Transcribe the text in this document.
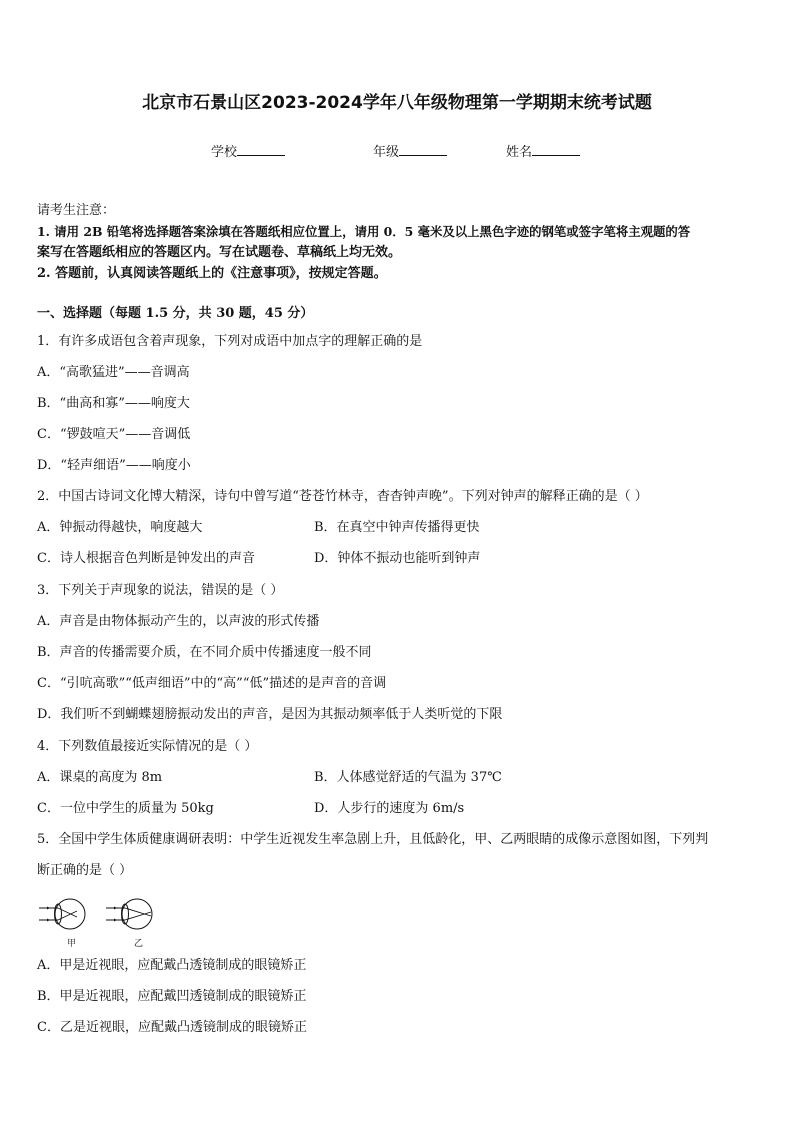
北京市石景山区2023-2024学年八年级物理第一学期期末统考试题
学校	年级	姓名
请考生注意：
1. 请用 2B 铅笔将选择题答案涂填在答题纸相应位置上，请用 0．5 毫米及以上黑色字迹的钢笔或签字笔将主观题的答
案写在答题纸相应的答题区内。写在试题卷、草稿纸上均无效。
2. 答题前，认真阅读答题纸上的《注意事项》，按规定答题。
一、选择题（每题 1.5 分，共 30 题，45 分）
1．有许多成语包含着声现象，下列对成语中加点字的理解正确的是
A．“高歌猛进”——音调高
B．“曲高和寡”——响度大
C．“锣鼓喧天”——音调低
D．“轻声细语”——响度小
2．中国古诗词文化博大精深，诗句中曾写道“苍苍竹林寺，杳杳钟声晚”。下列对钟声的解释正确的是（ ）
A．钟振动得越快，响度越大	B．在真空中钟声传播得更快
C．诗人根据音色判断是钟发出的声音	D．钟体不振动也能听到钟声
3．下列关于声现象的说法，错误的是（ ）
A．声音是由物体振动产生的，以声波的形式传播
B．声音的传播需要介质，在不同介质中传播速度一般不同
C．“引吭高歌”“低声细语”中的“高”“低”描述的是声音的音调
D．我们听不到蝴蝶翅膀振动发出的声音，是因为其振动频率低于人类听觉的下限
4．下列数值最接近实际情况的是（ ）
A．课桌的高度为 8m	B．人体感觉舒适的气温为 37℃
C．一位中学生的质量为 50kg	D．人步行的速度为 6m/s
5．全国中学生体质健康调研表明：中学生近视发生率急剧上升，且低龄化，甲、乙两眼睛的成像示意图如图，下列判
断正确的是（ ）
甲	乙
A．甲是近视眼，应配戴凸透镜制成的眼镜矫正
B．甲是近视眼，应配戴凹透镜制成的眼镜矫正
C．乙是近视眼，应配戴凸透镜制成的眼镜矫正
